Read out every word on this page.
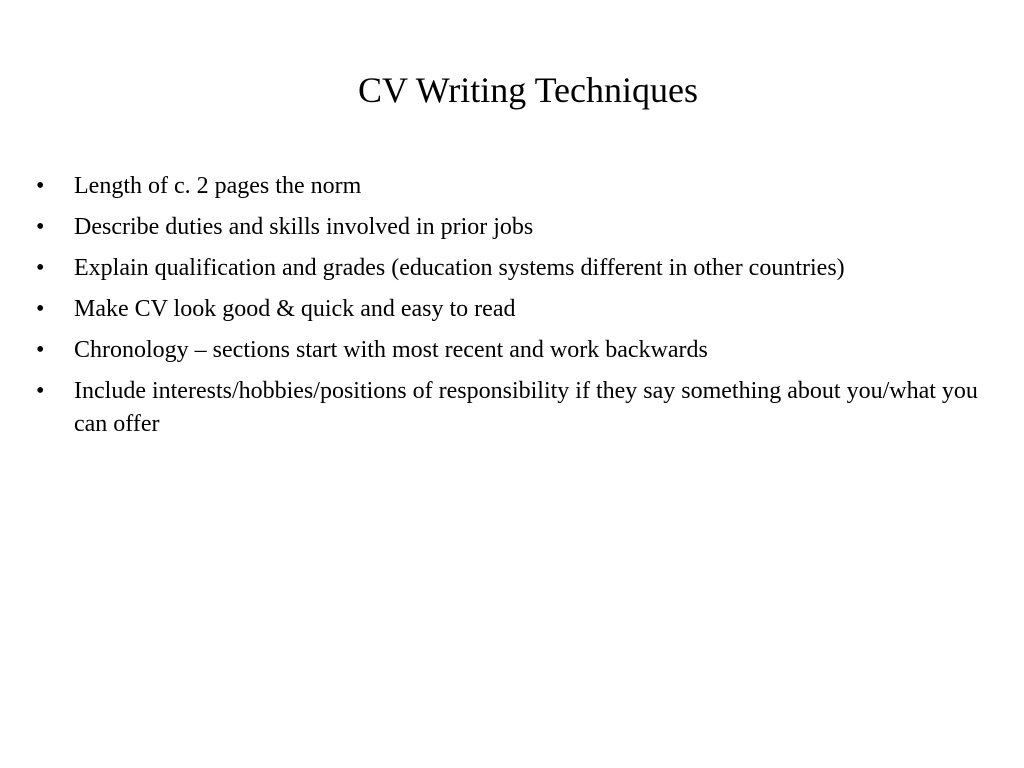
CV Writing Techniques
•	Length of c. 2 pages the norm
•	Describe duties and skills involved in prior jobs
•	Explain qualification and grades (education systems different in other countries)
•	Make CV look good & quick and easy to read
•	Chronology – sections start with most recent and work backwards
•	Include interests/hobbies/positions of responsibility if they say something about you/what you can offer
